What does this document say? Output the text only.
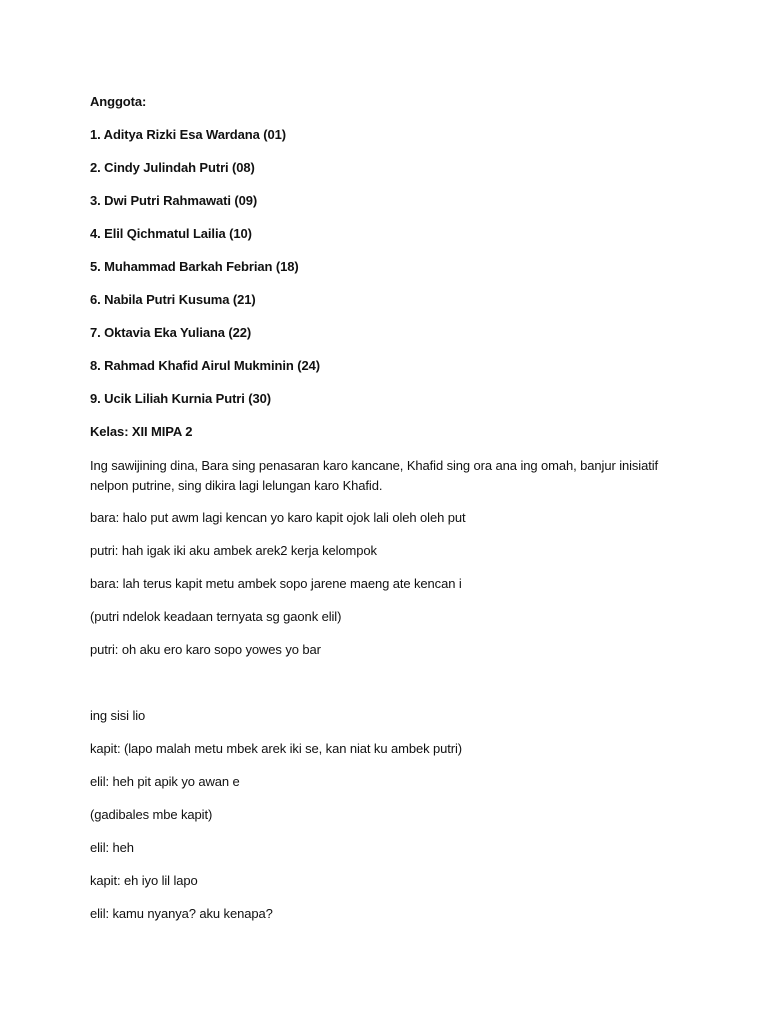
Anggota:

1. Aditya Rizki Esa Wardana (01)

2. Cindy Julindah Putri (08)

3. Dwi Putri Rahmawati (09)

4. Elil Qichmatul Lailia (10)

5. Muhammad Barkah Febrian (18)

6. Nabila Putri Kusuma (21)

7. Oktavia Eka Yuliana (22)

8. Rahmad Khafid Airul Mukminin (24)

9. Ucik Liliah Kurnia Putri (30)

Kelas: XII MIPA 2

Ing sawijining dina, Bara sing penasaran karo kancane, Khafid sing ora ana ing omah, banjur inisiatif nelpon putrine, sing dikira lagi lelungan karo Khafid.

bara: halo put awm lagi kencan yo karo kapit ojok lali oleh oleh put

putri: hah igak iki aku ambek arek2 kerja kelompok

bara: lah terus kapit metu ambek sopo jarene maeng ate kencan i

(putri ndelok keadaan ternyata sg gaonk elil)

putri: oh aku ero karo sopo yowes yo bar

ing sisi lio

kapit: (lapo malah metu mbek arek iki se, kan niat ku ambek putri)

elil: heh pit apik yo awan e

(gadibales mbe kapit)

elil: heh

kapit: eh iyo lil lapo

elil: kamu nyanya? aku kenapa?
